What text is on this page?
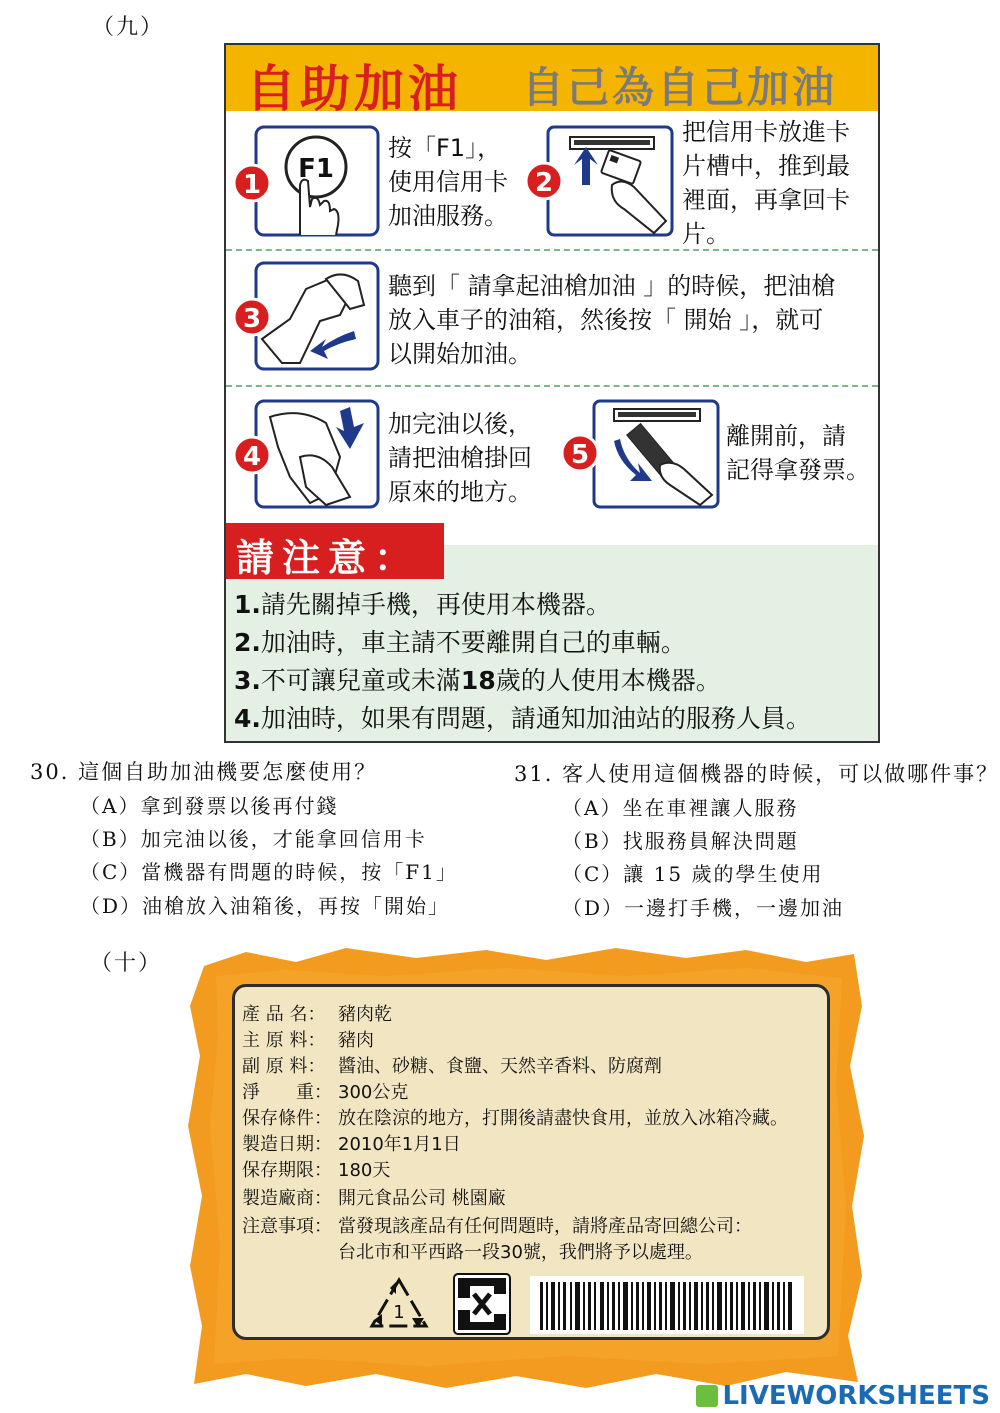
（九）
自助加油 自己為自己加油
F1
1
按「F1」，
使用信用卡
加油服務。
2
把信用卡放進卡
片槽中，推到最
裡面，再拿回卡
片。
3
聽到「 請拿起油槍加油 」的時候，把油槍
放入車子的油箱，然後按「 開始 」，就可
以開始加油。
4
加完油以後，
請把油槍掛回
原來的地方。
5
離開前，請
記得拿發票。
請注意：
1.請先關掉手機，再使用本機器。
2.加油時，車主請不要離開自己的車輛。
3.不可讓兒童或未滿18歲的人使用本機器。
4.加油時，如果有問題，請通知加油站的服務人員。
30. 這個自助加油機要怎麼使用？
（A）拿到發票以後再付錢
（B）加完油以後，才能拿回信用卡
（C）當機器有問題的時候，按「F1」
（D）油槍放入油箱後，再按「開始」
31. 客人使用這個機器的時候，可以做哪件事？
（A）坐在車裡讓人服務
（B）找服務員解決問題
（C）讓 15 歲的學生使用
（D）一邊打手機，一邊加油
（十）
產 品 名： 豬肉乾
主 原 料： 豬肉
副 原 料： 醬油、砂糖、食鹽、天然辛香料、防腐劑
淨　　重： 300公克
保存條件： 放在陰涼的地方，打開後請盡快食用，並放入冰箱冷藏。
製造日期： 2010年1月1日
保存期限： 180天
製造廠商： 開元食品公司 桃園廠
注意事項： 當發現該產品有任何問題時，請將產品寄回總公司：
台北市和平西路一段30號，我們將予以處理。
1
LIVEWORKSHEETS
